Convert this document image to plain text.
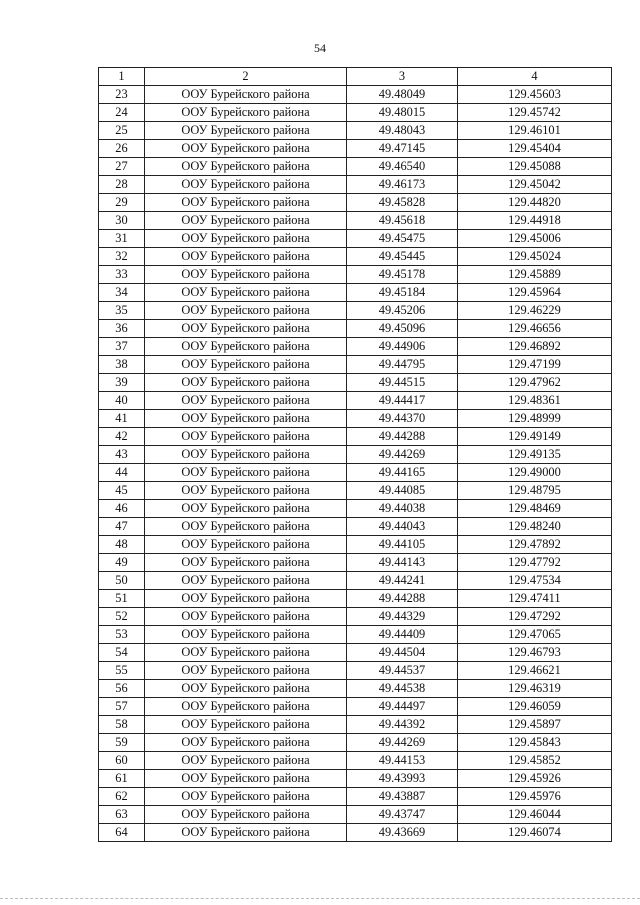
54
1	2	3	4
23	ООУ Бурейского района	49.48049	129.45603
24	ООУ Бурейского района	49.48015	129.45742
25	ООУ Бурейского района	49.48043	129.46101
26	ООУ Бурейского района	49.47145	129.45404
27	ООУ Бурейского района	49.46540	129.45088
28	ООУ Бурейского района	49.46173	129.45042
29	ООУ Бурейского района	49.45828	129.44820
30	ООУ Бурейского района	49.45618	129.44918
31	ООУ Бурейского района	49.45475	129.45006
32	ООУ Бурейского района	49.45445	129.45024
33	ООУ Бурейского района	49.45178	129.45889
34	ООУ Бурейского района	49.45184	129.45964
35	ООУ Бурейского района	49.45206	129.46229
36	ООУ Бурейского района	49.45096	129.46656
37	ООУ Бурейского района	49.44906	129.46892
38	ООУ Бурейского района	49.44795	129.47199
39	ООУ Бурейского района	49.44515	129.47962
40	ООУ Бурейского района	49.44417	129.48361
41	ООУ Бурейского района	49.44370	129.48999
42	ООУ Бурейского района	49.44288	129.49149
43	ООУ Бурейского района	49.44269	129.49135
44	ООУ Бурейского района	49.44165	129.49000
45	ООУ Бурейского района	49.44085	129.48795
46	ООУ Бурейского района	49.44038	129.48469
47	ООУ Бурейского района	49.44043	129.48240
48	ООУ Бурейского района	49.44105	129.47892
49	ООУ Бурейского района	49.44143	129.47792
50	ООУ Бурейского района	49.44241	129.47534
51	ООУ Бурейского района	49.44288	129.47411
52	ООУ Бурейского района	49.44329	129.47292
53	ООУ Бурейского района	49.44409	129.47065
54	ООУ Бурейского района	49.44504	129.46793
55	ООУ Бурейского района	49.44537	129.46621
56	ООУ Бурейского района	49.44538	129.46319
57	ООУ Бурейского района	49.44497	129.46059
58	ООУ Бурейского района	49.44392	129.45897
59	ООУ Бурейского района	49.44269	129.45843
60	ООУ Бурейского района	49.44153	129.45852
61	ООУ Бурейского района	49.43993	129.45926
62	ООУ Бурейского района	49.43887	129.45976
63	ООУ Бурейского района	49.43747	129.46044
64	ООУ Бурейского района	49.43669	129.46074
